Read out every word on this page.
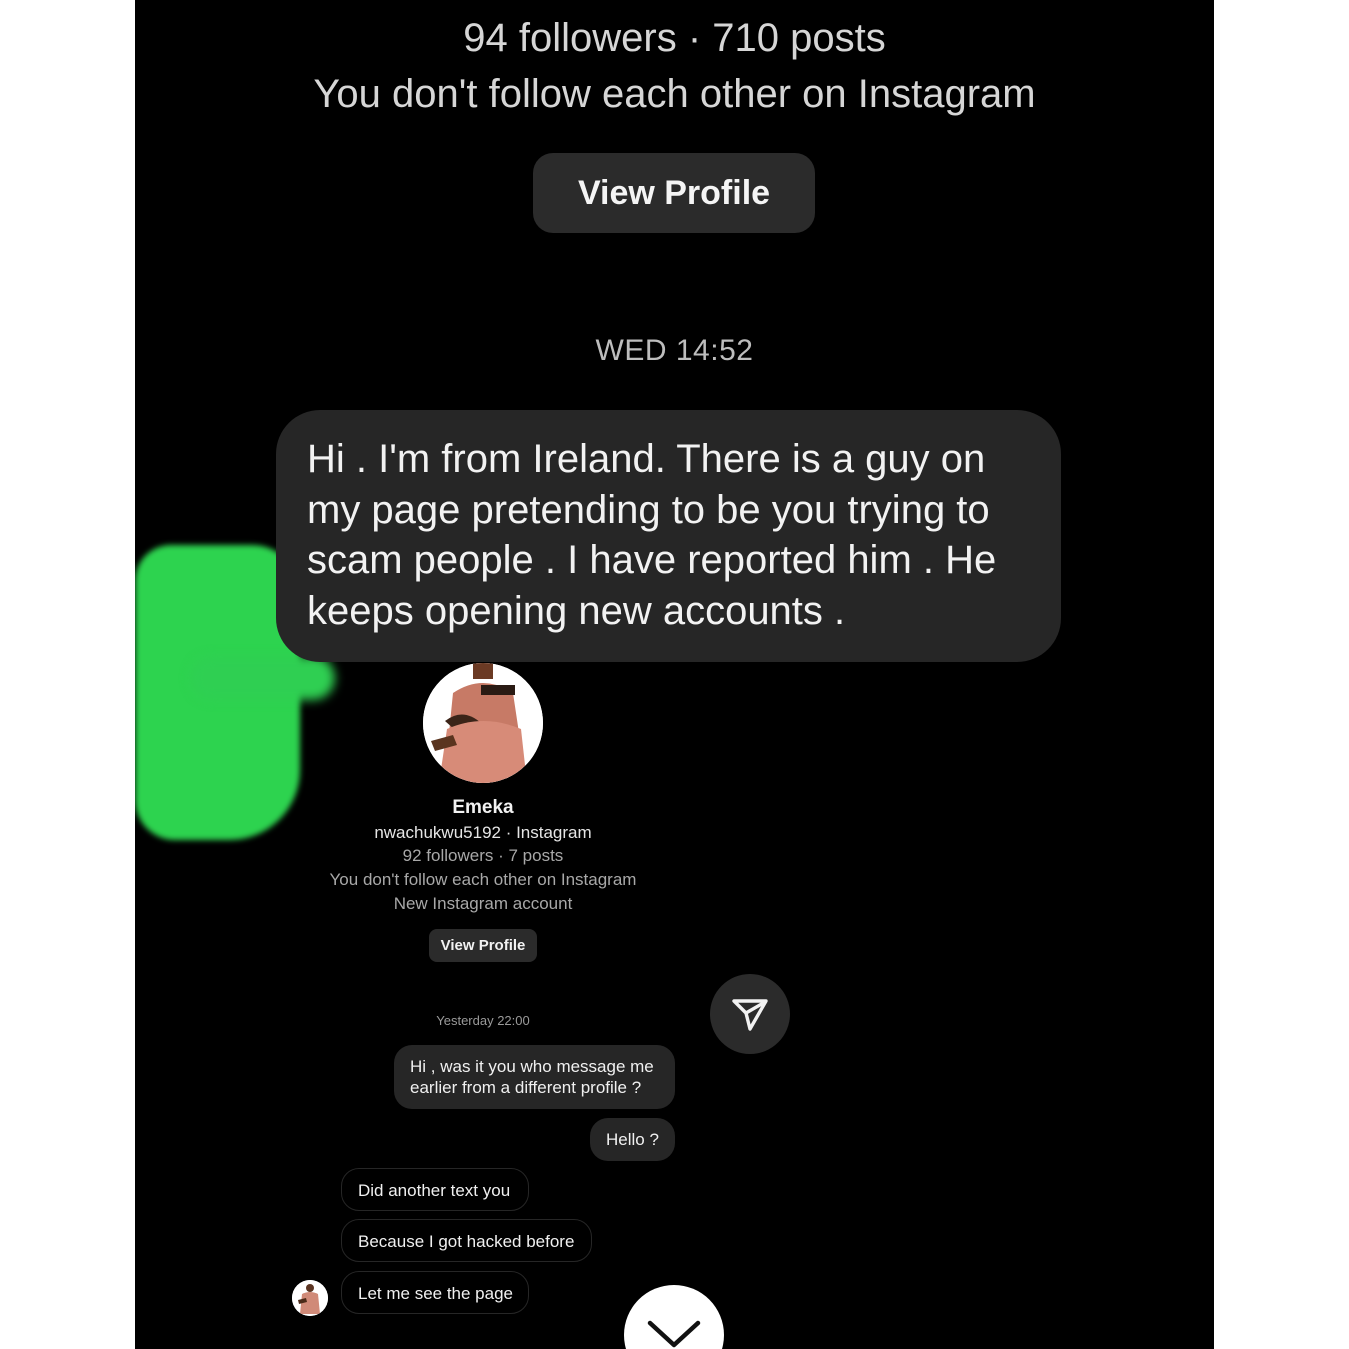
94 followers · 710 posts
You don't follow each other on Instagram
View Profile
WED 14:52
Hi . I'm from Ireland. There is a guy on my page pretending to be you trying to scam people . I have reported him . He keeps opening new accounts .
Emeka
nwachukwu5192 · Instagram
92 followers · 7 posts
You don't follow each other on Instagram
New Instagram account
View Profile
Yesterday 22:00
Hi , was it you who message me earlier from a different profile ?
Hello ?
Did another text you
Because I got hacked before
Let me see the page
